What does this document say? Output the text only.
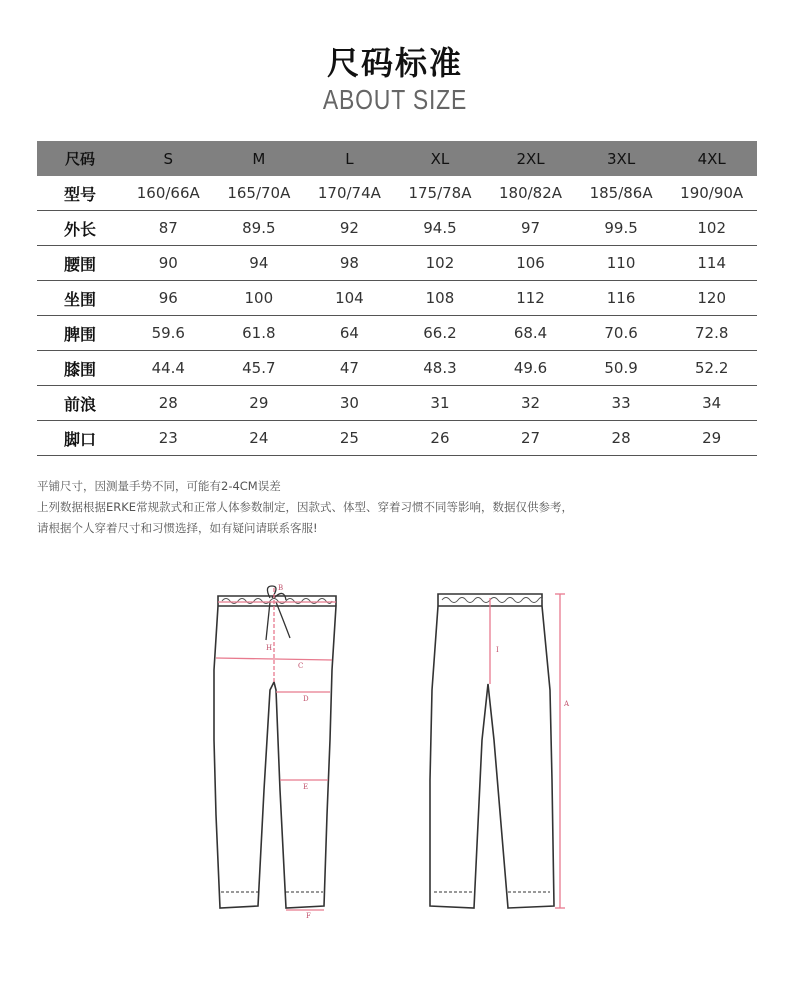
尺码标准
ABOUT SIZE
尺码	S	M	L	XL	2XL	3XL	4XL
型号	160/66A	165/70A	170/74A	175/78A	180/82A	185/86A	190/90A
外长	87	89.5	92	94.5	97	99.5	102
腰围	90	94	98	102	106	110	114
坐围	96	100	104	108	112	116	120
脾围	59.6	61.8	64	66.2	68.4	70.6	72.8
膝围	44.4	45.7	47	48.3	49.6	50.9	52.2
前浪	28	29	30	31	32	33	34
脚口	23	24	25	26	27	28	29
平铺尺寸，因测量手势不同，可能有2-4CM误差
上列数据根据ERKE常规款式和正常人体参数制定，因款式、体型、穿着习惯不同等影响，数据仅供参考，
请根据个人穿着尺寸和习惯选择，如有疑问请联系客服!
B
H
C
D
E
F
I
A
